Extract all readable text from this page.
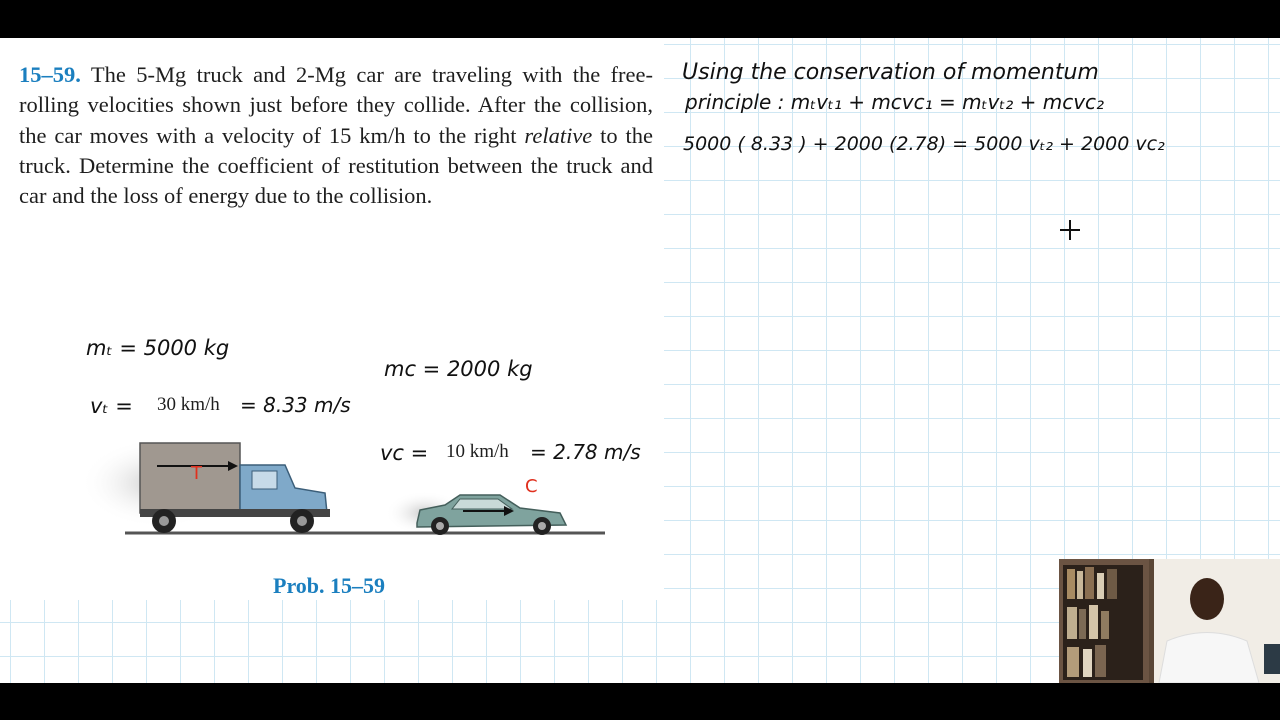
15–59. The 5-Mg truck and 2-Mg car are traveling with the free-rolling velocities shown just before they collide. After the collision, the car moves with a velocity of 15 km/h to the right relative to the truck. Determine the coefficient of restitution between the truck and car and the loss of energy due to the collision.

mₜ = 5000 kg
mᴄ = 2000 kg
vₜ = 30 km/h = 8.33 m/s
vᴄ = 10 km/h = 2.78 m/s
T
C
Prob. 15–59
Using the conservation of momentum
principle : mₜvₜ₁ + mᴄvᴄ₁ = mₜvₜ₂ + mᴄvᴄ₂
5000 ( 8.33 ) + 2000 (2.78) = 5000 vₜ₂ + 2000 vᴄ₂
